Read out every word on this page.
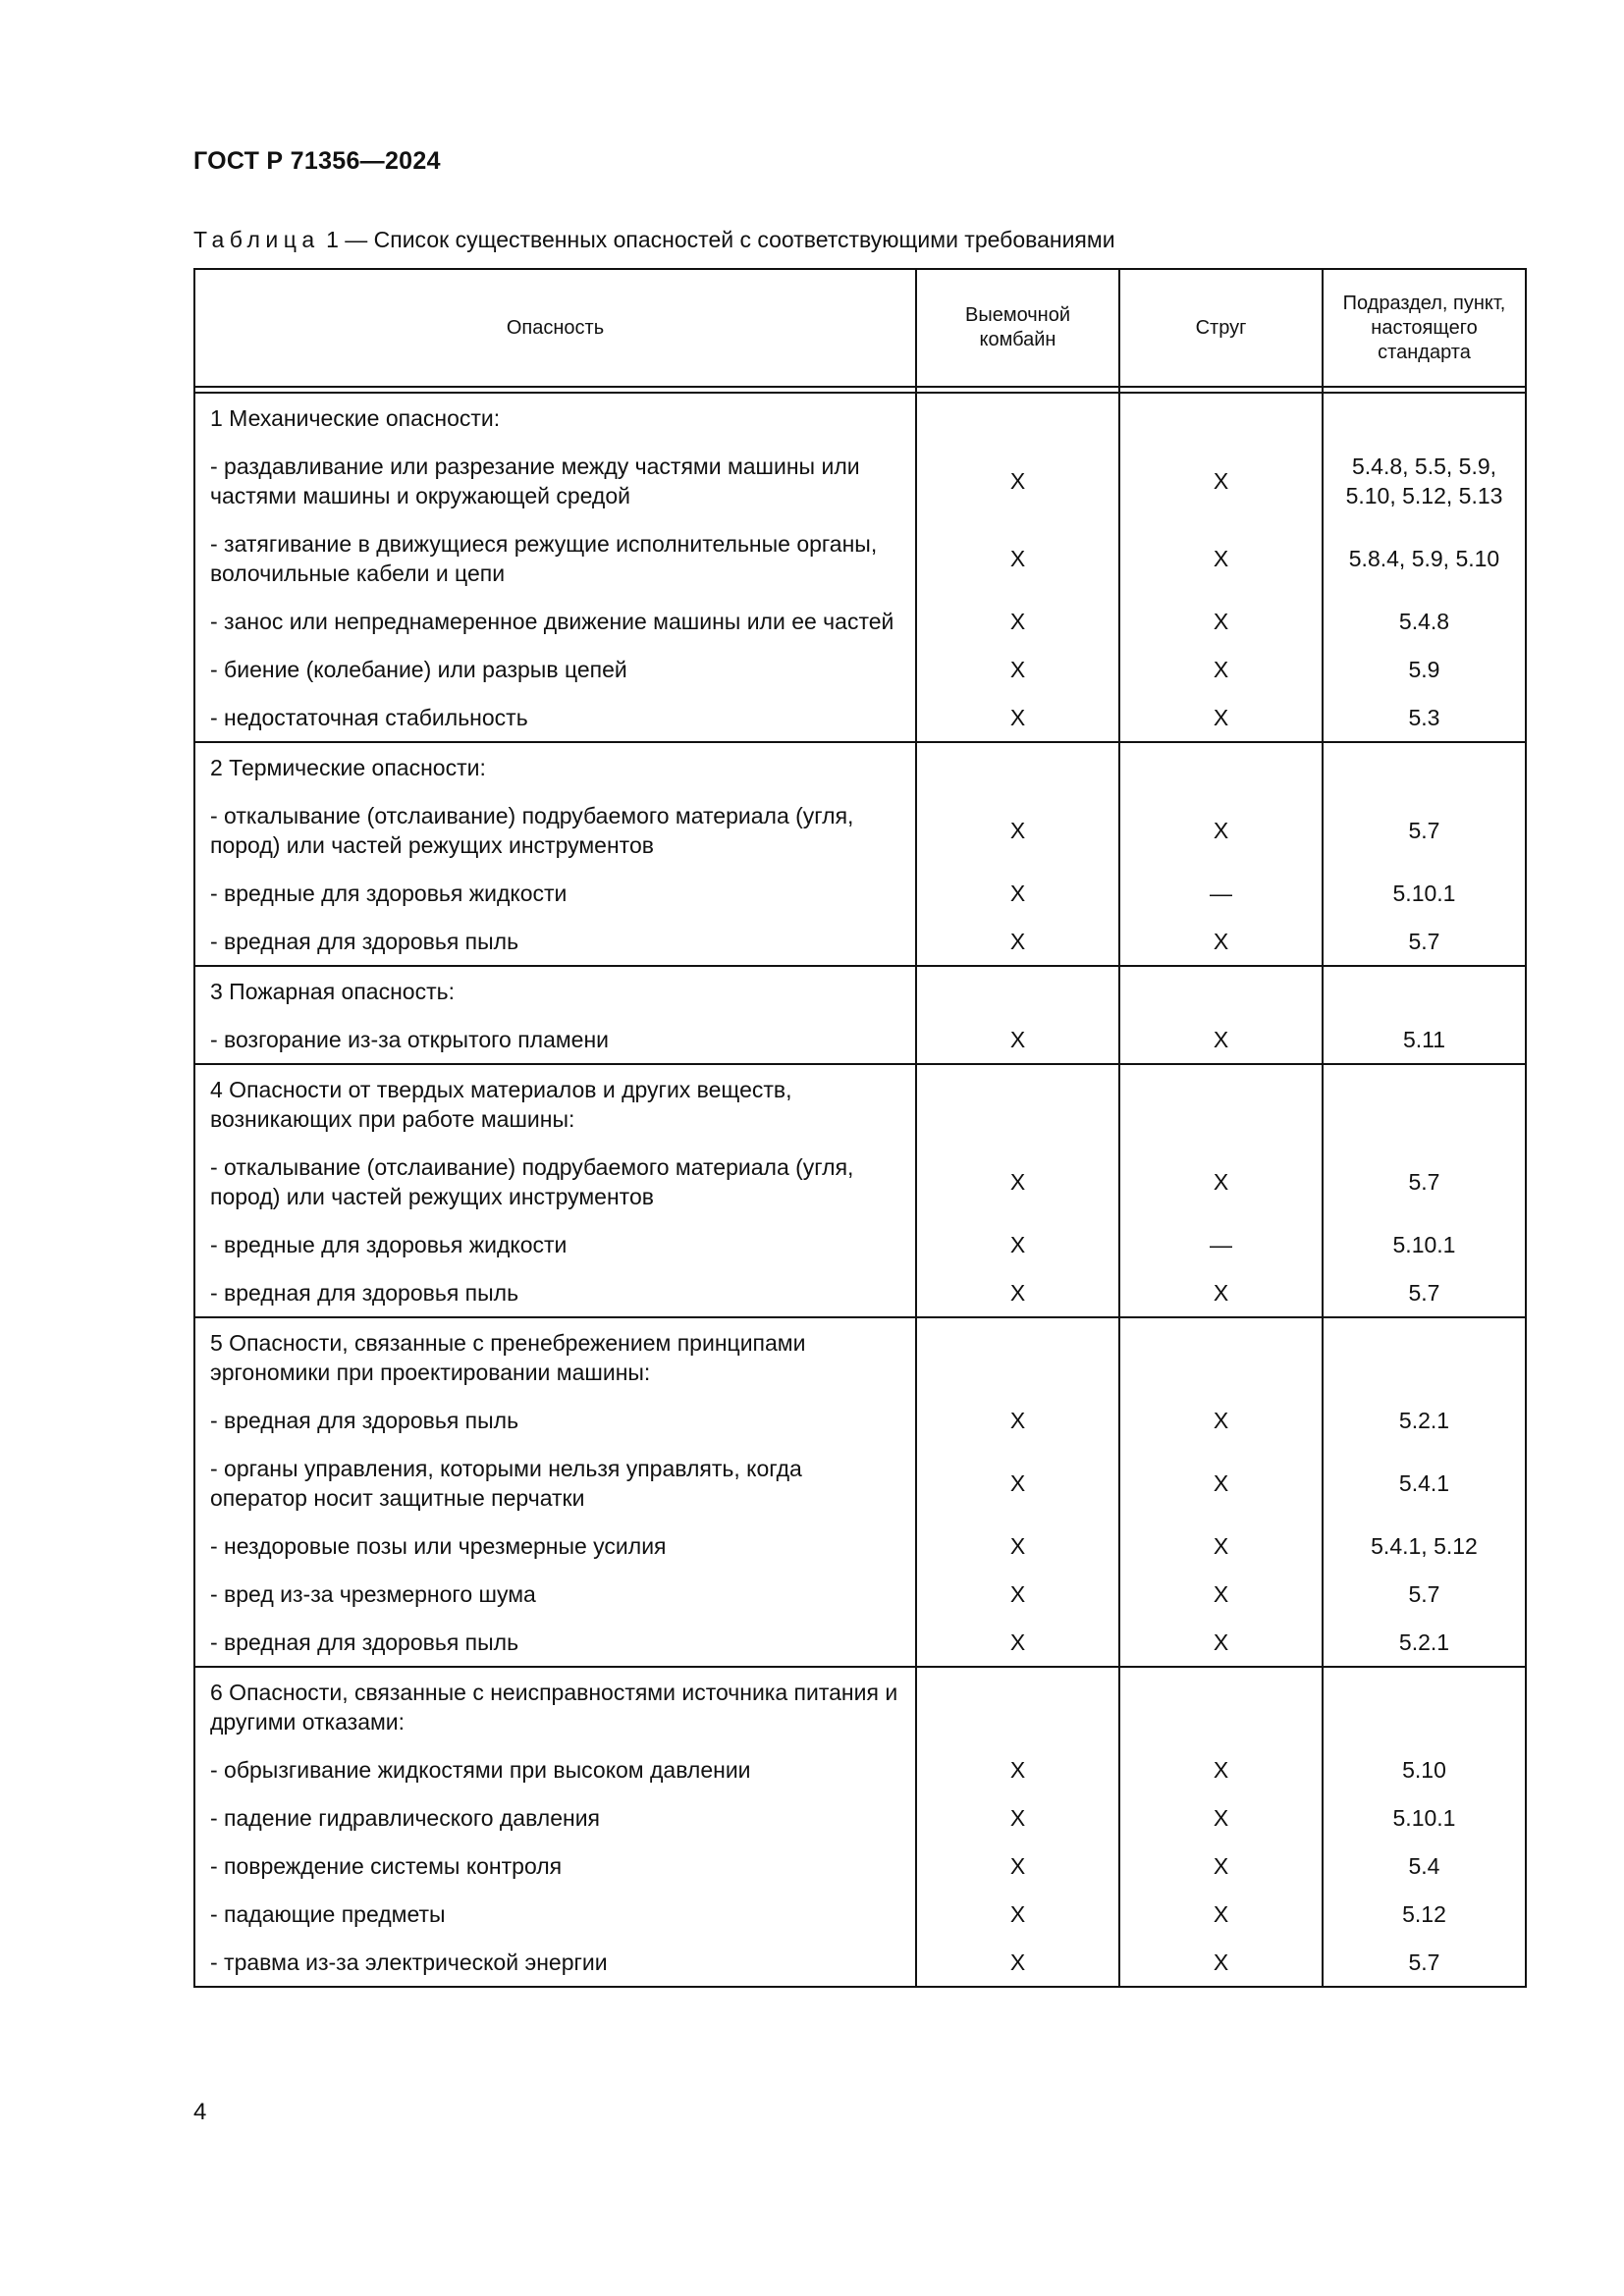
ГОСТ Р 71356—2024
Таблица 1 — Список существенных опасностей с соответствующими требованиями
Опасность	Выемочной комбайн	Струг	Подраздел, пункт, настоящего стандарта

1 Механические опасности:			
- раздавливание или разрезание между частями машины или частями машины и окружающей средой	X	X	5.4.8, 5.5, 5.9, 5.10, 5.12, 5.13
- затягивание в движущиеся режущие исполнительные органы, волочильные кабели и цепи	X	X	5.8.4, 5.9, 5.10
- занос или непреднамеренное движение машины или ее частей	X	X	5.4.8
- биение (колебание) или разрыв цепей	X	X	5.9
- недостаточная стабильность	X	X	5.3
2 Термические опасности:			
- откалывание (отслаивание) подрубаемого материала (угля, пород) или частей режущих инструментов	X	X	5.7
- вредные для здоровья жидкости	X	—	5.10.1
- вредная для здоровья пыль	X	X	5.7
3 Пожарная опасность:			
- возгорание из-за открытого пламени	X	X	5.11
4 Опасности от твердых материалов и других веществ, возникающих при работе машины:			
- откалывание (отслаивание) подрубаемого материала (угля, пород) или частей режущих инструментов	X	X	5.7
- вредные для здоровья жидкости	X	—	5.10.1
- вредная для здоровья пыль	X	X	5.7
5 Опасности, связанные с пренебрежением принципами эргономики при проектировании машины:			
- вредная для здоровья пыль	X	X	5.2.1
- органы управления, которыми нельзя управлять, когда оператор носит защитные перчатки	X	X	5.4.1
- нездоровые позы или чрезмерные усилия	X	X	5.4.1, 5.12
- вред из-за чрезмерного шума	X	X	5.7
- вредная для здоровья пыль	X	X	5.2.1
6 Опасности, связанные с неисправностями источника питания и другими отказами:			
- обрызгивание жидкостями при высоком давлении	X	X	5.10
- падение гидравлического давления	X	X	5.10.1
- повреждение системы контроля	X	X	5.4
- падающие предметы	X	X	5.12
- травма из-за электрической энергии	X	X	5.7
4
